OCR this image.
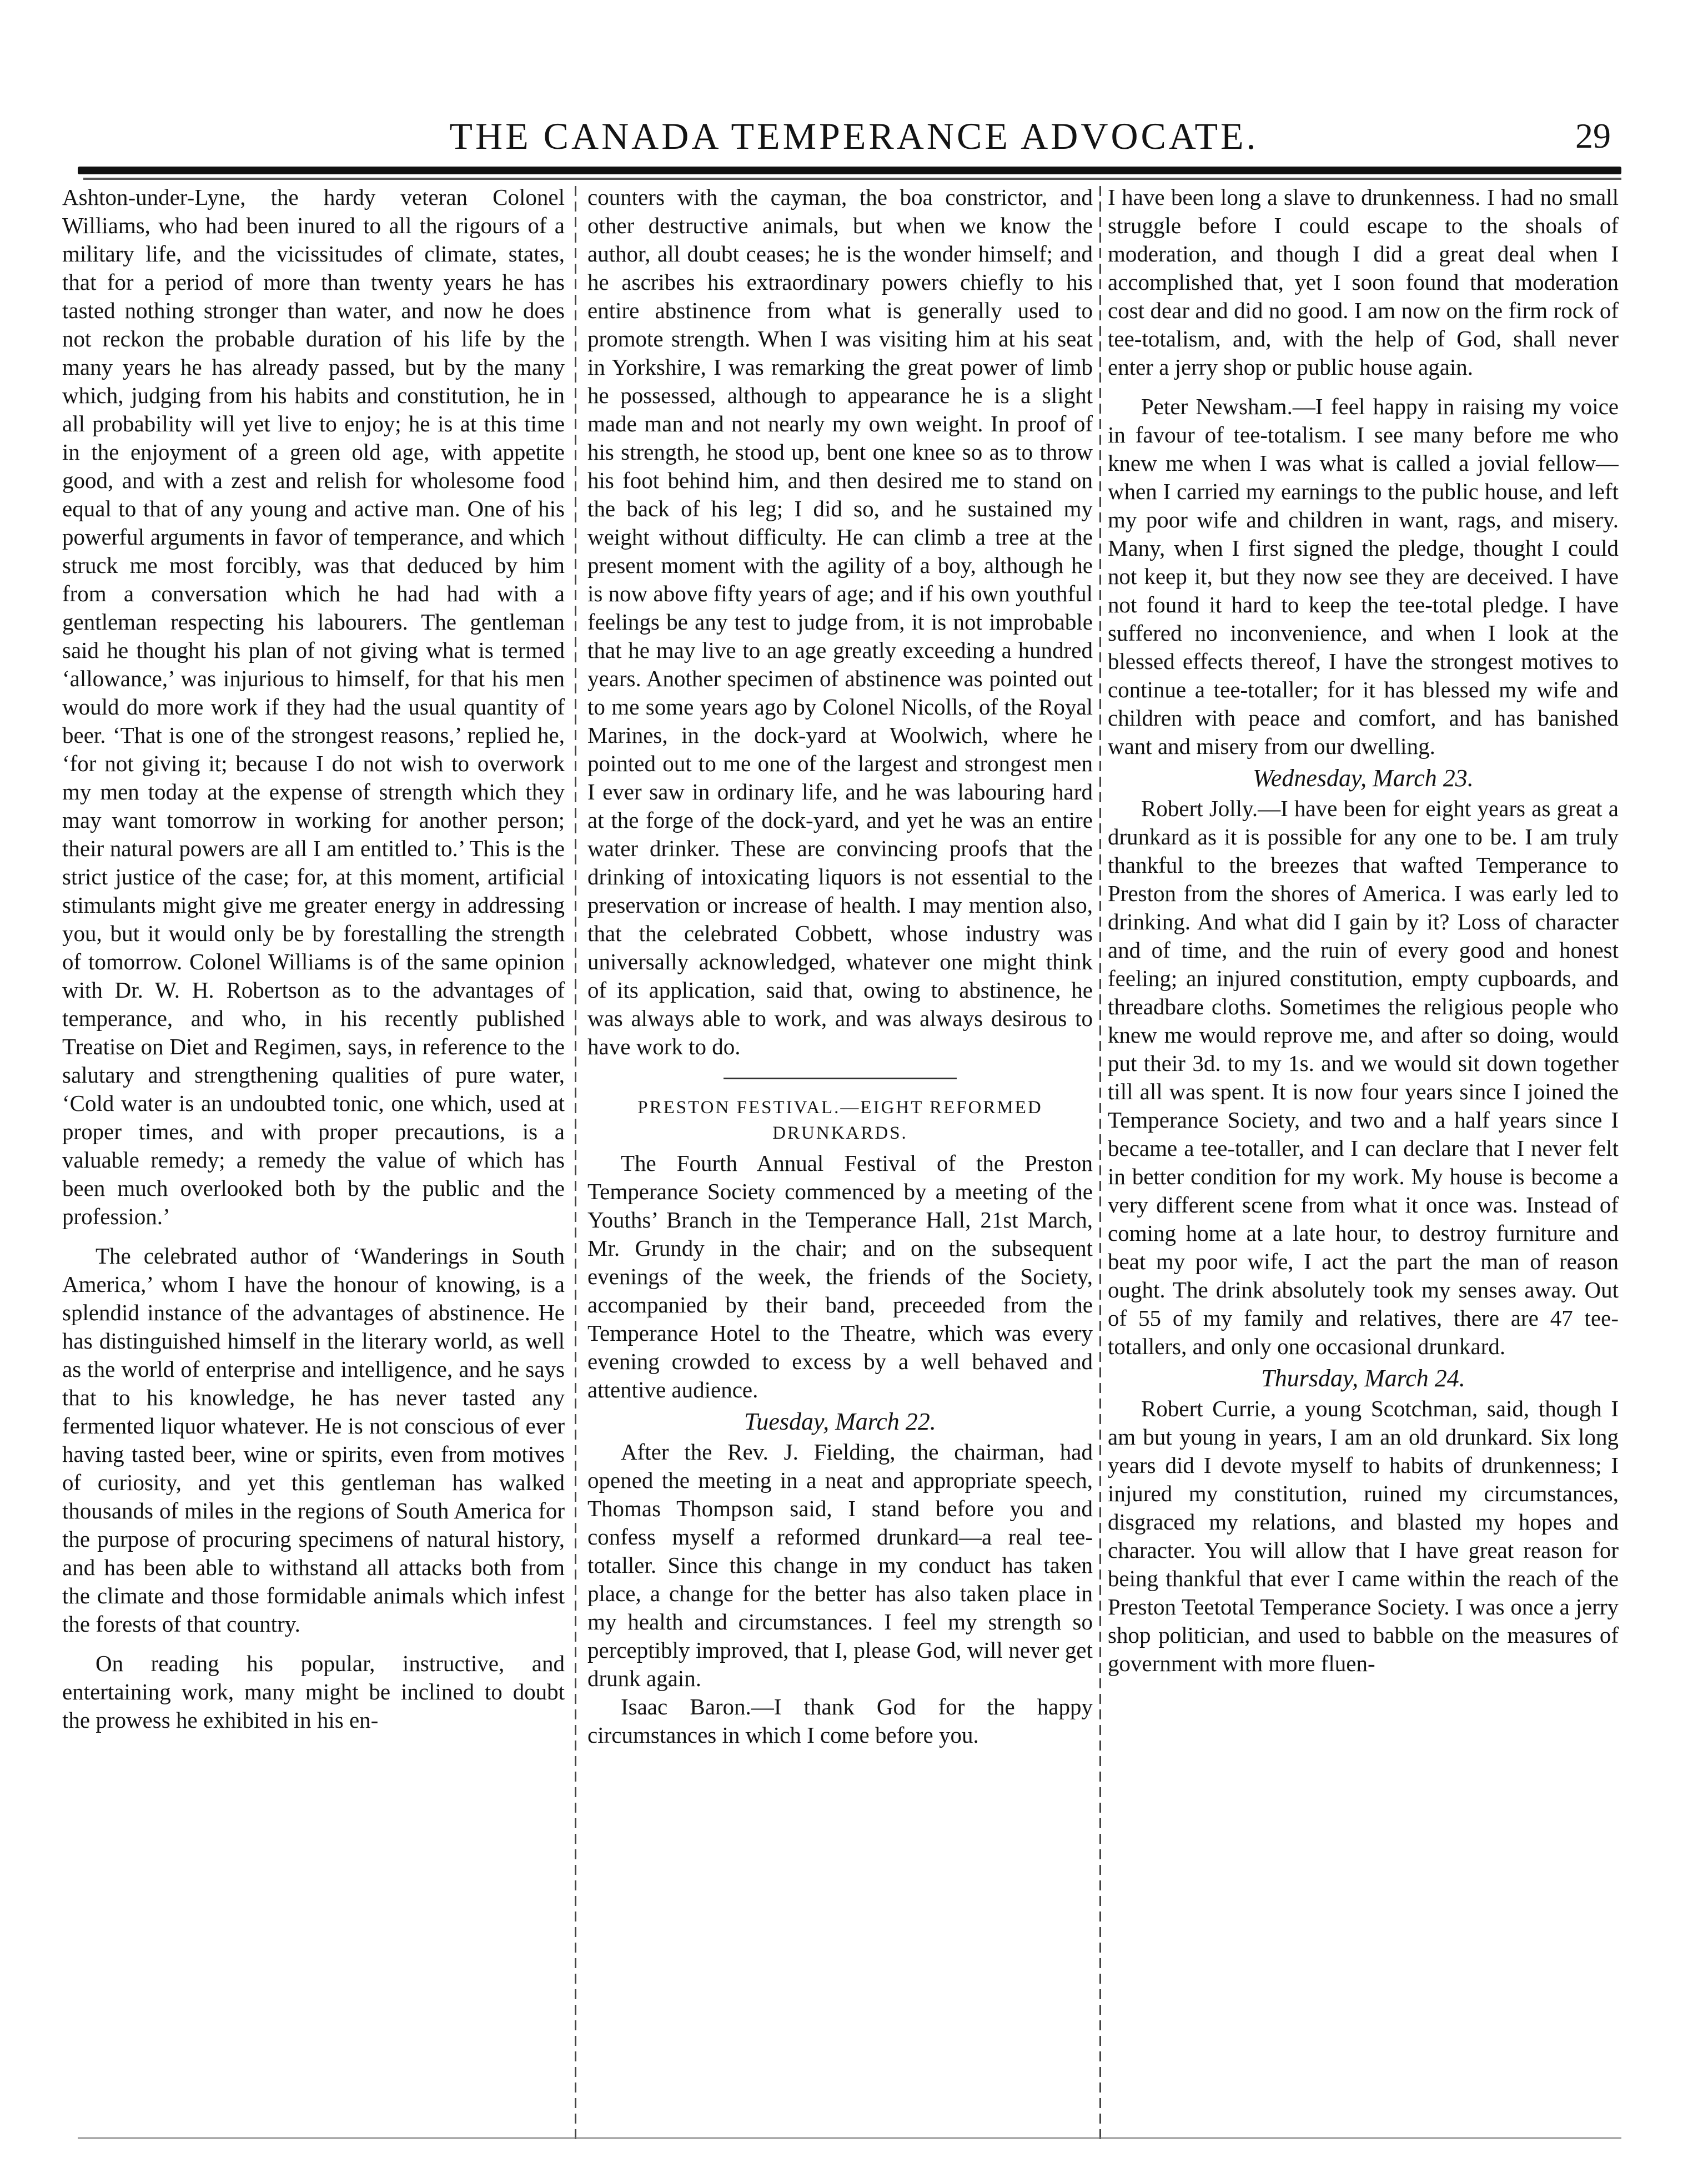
THE CANADA TEMPERANCE ADVOCATE.	29

Ashton-under-Lyne, the hardy veteran Colonel Williams, who had been inured to all the rigours of a military life, and the vicissitudes of climate, states, that for a period of more than twenty years he has tasted nothing stronger than water, and now he does not reckon the probable duration of his life by the many years he has already passed, but by the many which, judging from his habits and constitution, he in all probability will yet live to enjoy; he is at this time in the enjoyment of a green old age, with appetite good, and with a zest and relish for wholesome food equal to that of any young and active man. One of his powerful arguments in favor of temperance, and which struck me most forcibly, was that deduced by him from a conversation which he had had with a gentleman respecting his labourers. The gentleman said he thought his plan of not giving what is termed ‘allowance,’ was injurious to himself, for that his men would do more work if they had the usual quantity of beer. ‘That is one of the strongest reasons,’ replied he, ‘for not giving it; because I do not wish to overwork my men today at the expense of strength which they may want tomorrow in working for another person; their natural powers are all I am entitled to.’ This is the strict justice of the case; for, at this moment, artificial stimulants might give me greater energy in addressing you, but it would only be by forestalling the strength of tomorrow. Colonel Williams is of the same opinion with Dr. W. H. Robertson as to the advantages of temperance, and who, in his recently published Treatise on Diet and Regimen, says, in reference to the salutary and strengthening qualities of pure water, ‘Cold water is an undoubted tonic, one which, used at proper times, and with proper precautions, is a valuable remedy; a remedy the value of which has been much overlooked both by the public and the profession.’

The celebrated author of ‘Wanderings in South America,’ whom I have the honour of knowing, is a splendid instance of the advantages of abstinence. He has distinguished himself in the literary world, as well as the world of enterprise and intelligence, and he says that to his knowledge, he has never tasted any fermented liquor whatever. He is not conscious of ever having tasted beer, wine or spirits, even from motives of curiosity, and yet this gentleman has walked thousands of miles in the regions of South America for the purpose of procuring specimens of natural history, and has been able to withstand all attacks both from the climate and those formidable animals which infest the forests of that country.

On reading his popular, instructive, and entertaining work, many might be inclined to doubt the prowess he exhibited in his en-

counters with the cayman, the boa constrictor, and other destructive animals, but when we know the author, all doubt ceases; he is the wonder himself; and he ascribes his extraordinary powers chiefly to his entire abstinence from what is generally used to promote strength. When I was visiting him at his seat in Yorkshire, I was remarking the great power of limb he possessed, although to appearance he is a slight made man and not nearly my own weight. In proof of his strength, he stood up, bent one knee so as to throw his foot behind him, and then desired me to stand on the back of his leg; I did so, and he sustained my weight without difficulty. He can climb a tree at the present moment with the agility of a boy, although he is now above fifty years of age; and if his own youthful feelings be any test to judge from, it is not improbable that he may live to an age greatly exceeding a hundred years. Another specimen of abstinence was pointed out to me some years ago by Colonel Nicolls, of the Royal Marines, in the dock-yard at Woolwich, where he pointed out to me one of the largest and strongest men I ever saw in ordinary life, and he was labouring hard at the forge of the dock-yard, and yet he was an entire water drinker. These are convincing proofs that the drinking of intoxicating liquors is not essential to the preservation or increase of health. I may mention also, that the celebrated Cobbett, whose industry was universally acknowledged, whatever one might think of its application, said that, owing to abstinence, he was always able to work, and was always desirous to have work to do.

PRESTON FESTIVAL.—EIGHT REFORMED DRUNKARDS.

The Fourth Annual Festival of the Preston Temperance Society commenced by a meeting of the Youths’ Branch in the Temperance Hall, 21st March, Mr. Grundy in the chair; and on the subsequent evenings of the week, the friends of the Society, accompanied by their band, preceeded from the Temperance Hotel to the Theatre, which was every evening crowded to excess by a well behaved and attentive audience.

Tuesday, March 22.

After the Rev. J. Fielding, the chairman, had opened the meeting in a neat and appropriate speech, Thomas Thompson said, I stand before you and confess myself a reformed drunkard—a real tee-totaller. Since this change in my conduct has taken place, a change for the better has also taken place in my health and circumstances. I feel my strength so perceptibly improved, that I, please God, will never get drunk again.

Isaac Baron.—I thank God for the happy circumstances in which I come before you.

I have been long a slave to drunkenness. I had no small struggle before I could escape to the shoals of moderation, and though I did a great deal when I accomplished that, yet I soon found that moderation cost dear and did no good. I am now on the firm rock of tee-totalism, and, with the help of God, shall never enter a jerry shop or public house again.

Peter Newsham.—I feel happy in raising my voice in favour of tee-totalism. I see many before me who knew me when I was what is called a jovial fellow—when I carried my earnings to the public house, and left my poor wife and children in want, rags, and misery. Many, when I first signed the pledge, thought I could not keep it, but they now see they are deceived. I have not found it hard to keep the tee-total pledge. I have suffered no inconvenience, and when I look at the blessed effects thereof, I have the strongest motives to continue a tee-totaller; for it has blessed my wife and children with peace and comfort, and has banished want and misery from our dwelling.

Wednesday, March 23.

Robert Jolly.—I have been for eight years as great a drunkard as it is possible for any one to be. I am truly thankful to the breezes that wafted Temperance to Preston from the shores of America. I was early led to drinking. And what did I gain by it? Loss of character and of time, and the ruin of every good and honest feeling; an injured constitution, empty cupboards, and threadbare cloths. Sometimes the religious people who knew me would reprove me, and after so doing, would put their 3d. to my 1s. and we would sit down together till all was spent. It is now four years since I joined the Temperance Society, and two and a half years since I became a tee-totaller, and I can declare that I never felt in better condition for my work. My house is become a very different scene from what it once was. Instead of coming home at a late hour, to destroy furniture and beat my poor wife, I act the part the man of reason ought. The drink absolutely took my senses away. Out of 55 of my family and relatives, there are 47 tee-totallers, and only one occasional drunkard.

Thursday, March 24.

Robert Currie, a young Scotchman, said, though I am but young in years, I am an old drunkard. Six long years did I devote myself to habits of drunkenness; I injured my constitution, ruined my circumstances, disgraced my relations, and blasted my hopes and character. You will allow that I have great reason for being thankful that ever I came within the reach of the Preston Teetotal Temperance Society. I was once a jerry shop politician, and used to babble on the measures of government with more fluen-
